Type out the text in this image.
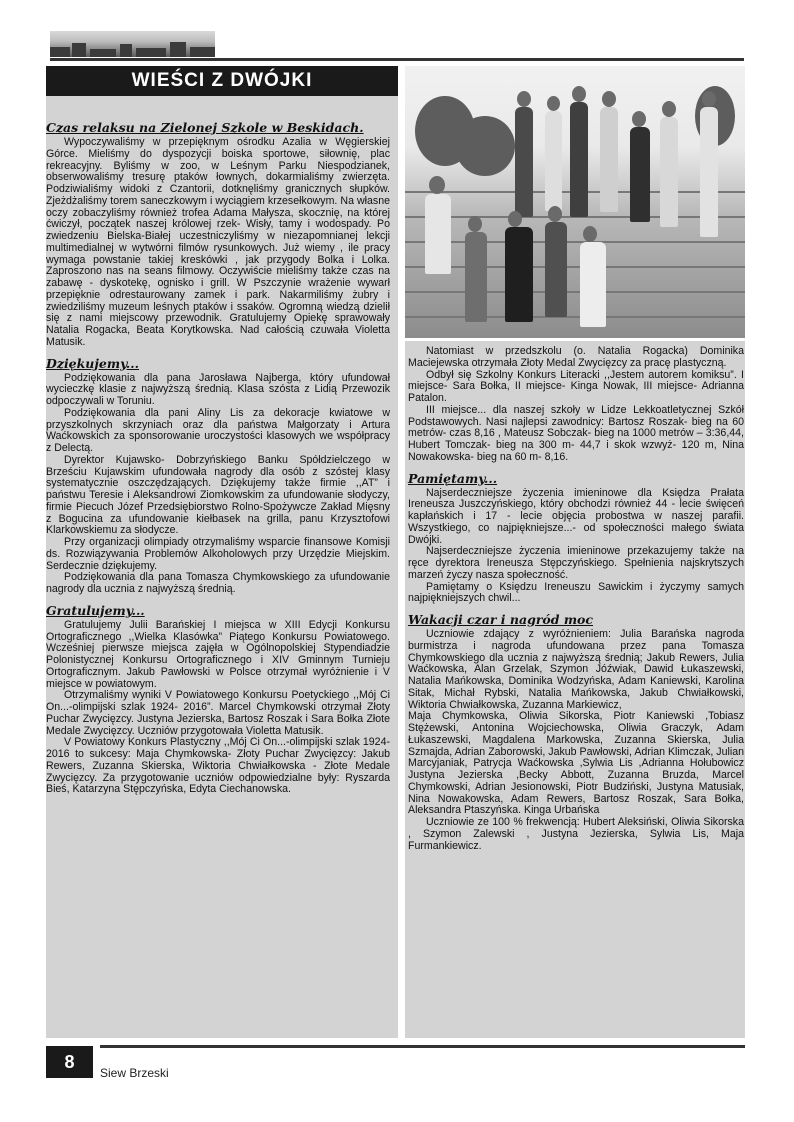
WIEŚCI Z DWÓJKI
Czas relaksu na Zielonej Szkole w Beskidach.

Wypoczywaliśmy w przepięknym ośrodku Azalia w Węgierskiej Górce. Mieliśmy do dyspozycji boiska sportowe, siłownię, plac rekreacyjny. Byliśmy w zoo, w Leśnym Parku Niespodzianek, obserwowaliśmy tresurę ptaków łownych, dokarmialiśmy zwierzęta. Podziwialiśmy widoki z Czantorii, dotknęliśmy granicznych słupków. Zjeżdżaliśmy torem saneczkowym i wyciągiem krzesełkowym. Na własne oczy zobaczyliśmy również trofea Adama Małysza, skocznię, na której ćwiczył, początek naszej królowej rzek- Wisły, tamy i wodospady. Po zwiedzeniu Bielska-Białej uczestniczyliśmy w niezapomnianej lekcji multimedialnej w wytwórni filmów rysunkowych. Już wiemy , ile pracy wymaga powstanie takiej kreskówki , jak przygody Bolka i Lolka. Zaproszono nas na seans filmowy. Oczywiście mieliśmy także czas na zabawę - dyskotekę, ognisko i grill. W Pszczynie wrażenie wywarł przepięknie odrestaurowany zamek i park. Nakarmiliśmy żubry i zwiedziliśmy muzeum leśnych ptaków i ssaków. Ogromną wiedzą dzielił się z nami miejscowy przewodnik. Gratulujemy Opiekę sprawowały Natalia Rogacka, Beata Korytkowska. Nad całością czuwała Violetta Matusik.

Dziękujemy...

Podziękowania dla pana Jarosława Najberga, który ufundował wycieczkę klasie z najwyższą średnią. Klasa szósta z Lidią Przewozik odpoczywali w Toruniu.

Podziękowania dla pani Aliny Lis za dekoracje kwiatowe w przyszkolnych skrzyniach oraz dla państwa Małgorzaty i Artura Waćkowskich za sponsorowanie uroczystości klasowych we współpracy z Delectą.

Dyrektor Kujawsko- Dobrzyńskiego Banku Spółdzielczego w Brześciu Kujawskim ufundowała nagrody dla osób z szóstej klasy systematycznie oszczędzających. Dziękujemy także firmie ,,AT” i państwu Teresie i Aleksandrowi Ziomkowskim za ufundowanie słodyczy, firmie Piecuch Józef Przedsiębiorstwo Rolno-Spożywcze Zakład Mięsny z Bogucina za ufundowanie kiełbasek na grilla, panu Krzysztofowi Klarkowskiemu za słodycze.

Przy organizacji olimpiady otrzymaliśmy wsparcie finansowe Komisji ds. Rozwiązywania Problemów Alkoholowych przy Urzędzie Miejskim. Serdecznie dziękujemy.

Podziękowania dla pana Tomasza Chymkowskiego za ufundowanie nagrody dla ucznia z najwyższą średnią.

Gratulujemy...

Gratulujemy Julii Barańskiej I miejsca w XIII Edycji Konkursu Ortograficznego ,,Wielka Klasówka” Piątego Konkursu Powiatowego. Wcześniej pierwsze miejsca zajęła w Ogólnopolskiej Stypendiadzie Polonistycznej Konkursu Ortograficznego i XIV Gminnym Turnieju Ortograficznym. Jakub Pawłowski w Polsce otrzymał wyróżnienie i V miejsce w powiatowym.

Otrzymaliśmy wyniki V Powiatowego Konkursu Poetyckiego ,,Mój Ci On...-olimpijski szlak 1924- 2016”. Marcel Chymkowski otrzymał Złoty Puchar Zwycięzcy. Justyna Jezierska, Bartosz Roszak i Sara Bołka Złote Medale Zwycięzcy. Uczniów przygotowała Violetta Matusik.

V Powiatowy Konkurs Plastyczny ,,Mój Ci On...-olimpijski szlak 1924-2016 to sukcesy: Maja Chymkowska- Złoty Puchar Zwycięzcy: Jakub Rewers, Zuzanna Skierska, Wiktoria Chwiałkowska - Złote Medale Zwycięzcy. Za przygotowanie uczniów odpowiedzialne były: Ryszarda Bieś, Katarzyna Stępczyńska, Edyta Ciechanowska.

Natomiast w przedszkolu (o. Natalia Rogacka) Dominika Maciejewska otrzymała Złoty Medal Zwycięzcy za pracę plastyczną.

Odbył się Szkolny Konkurs Literacki ,,Jestem autorem komiksu”. I miejsce- Sara Bołka, II miejsce- Kinga Nowak, III miejsce- Adrianna Patalon.

III miejsce... dla naszej szkoły w Lidze Lekkoatletycznej Szkół Podstawowych. Nasi najlepsi zawodnicy: Bartosz Roszak- bieg na 60 metrów- czas 8,16 , Mateusz Sobczak- bieg na 1000 metrów – 3:36,44, Hubert Tomczak- bieg na 300 m- 44,7 i skok wzwyż- 120 m, Nina Nowakowska- bieg na 60 m- 8,16.

Pamiętamy...

Najserdeczniejsze życzenia imieninowe dla Księdza Prałata Ireneusza Juszczyńskiego, który obchodzi również 44 - lecie święceń kapłańskich i 17 - lecie objęcia probostwa w naszej parafii. Wszystkiego, co najpiękniejsze...- od społeczności małego świata Dwójki.

Najserdeczniejsze życzenia imieninowe przekazujemy także na ręce dyrektora Ireneusza Stępczyńskiego. Spełnienia najskrytszych marzeń życzy nasza społeczność.

Pamiętamy o Księdzu Ireneuszu Sawickim i życzymy samych najpiękniejszych chwil...

Wakacji czar i nagród moc

Uczniowie zdający z wyróżnieniem: Julia Barańska nagroda burmistrza i nagroda ufundowana przez pana Tomasza Chymkowskiego dla ucznia z najwyższą średnią; Jakub Rewers, Julia Waćkowska, Alan Grzelak, Szymon Jóźwiak, Dawid Łukaszewski, Natalia Mańkowska, Dominika Wodzyńska, Adam Kaniewski, Karolina Sitak, Michał Rybski, Natalia Mańkowska, Jakub Chwiałkowski, Wiktoria Chwiałkowska, Zuzanna Markiewicz,

Maja Chymkowska, Oliwia Sikorska, Piotr Kaniewski ,Tobiasz Stężewski, Antonina Wojciechowska, Oliwia Graczyk, Adam Łukaszewski, Magdalena Markowska, Zuzanna Skierska, Julia Szmajda, Adrian Zaborowski, Jakub Pawłowski, Adrian Klimczak, Julian Marcyjaniak, Patrycja Waćkowska ,Sylwia Lis ,Adrianna Hołubowicz Justyna Jezierska ,Becky Abbott, Zuzanna Bruzda, Marcel Chymkowski, Adrian Jesionowski, Piotr Budziński, Justyna Matusiak, Nina Nowakowska, Adam Rewers, Bartosz Roszak, Sara Bołka, Aleksandra Ptaszyńska. Kinga Urbańska

Uczniowie ze 100 % frekwencją: Hubert Aleksiński, Oliwia Sikorska , Szymon Zalewski , Justyna Jezierska, Sylwia Lis, Maja Furmankiewicz.

8
Siew Brzeski
